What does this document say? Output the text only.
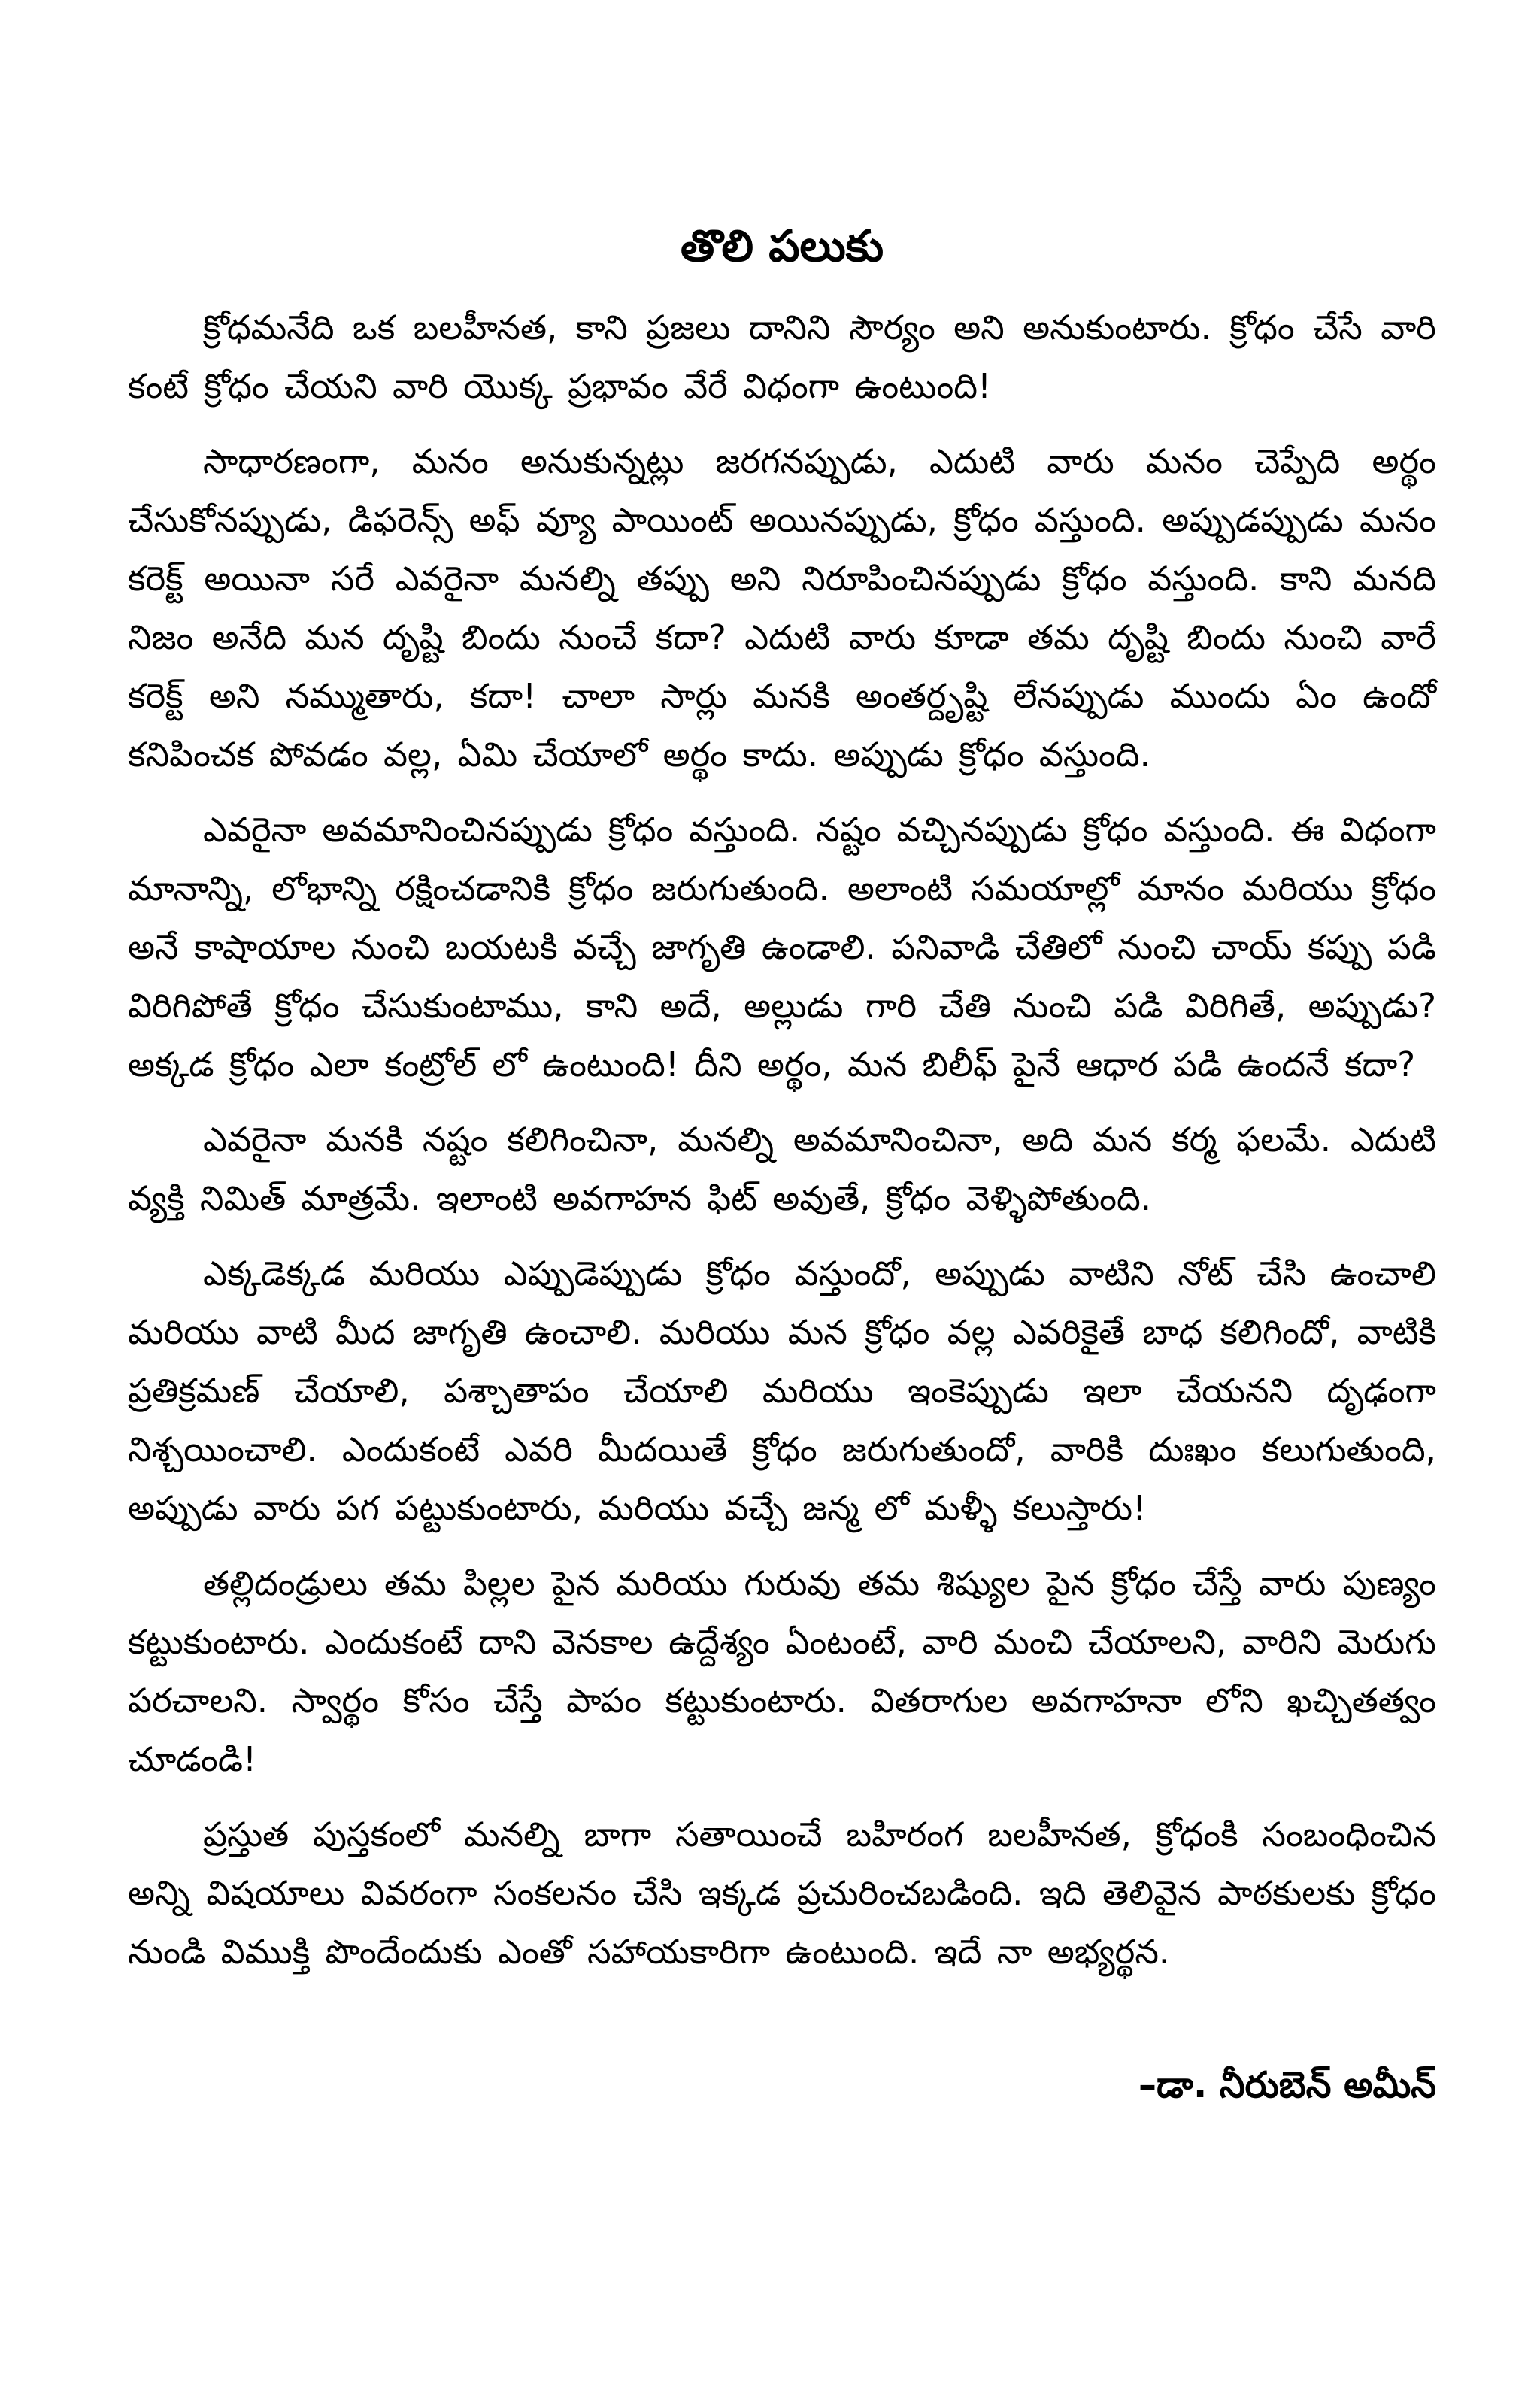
తొలి పలుకు

క్రోధమనేది ఒక బలహీనత, కాని ప్రజలు దానిని సౌర్యం అని అనుకుంటారు. క్రోధం చేసే వారి కంటే క్రోధం చేయని వారి యొక్క ప్రభావం వేరే విధంగా ఉంటుంది!

సాధారణంగా, మనం అనుకున్నట్లు జరగనప్పుడు, ఎదుటి వారు మనం చెప్పేది అర్థం చేసుకోనప్పుడు, డిఫరెన్స్ అఫ్ వ్యూ పాయింట్ అయినప్పుడు, క్రోధం వస్తుంది. అప్పుడప్పుడు మనం కరెక్ట్ అయినా సరే ఎవరైనా మనల్ని తప్పు అని నిరూపించినప్పుడు క్రోధం వస్తుంది. కాని మనది నిజం అనేది మన దృష్టి బిందు నుంచే కదా? ఎదుటి వారు కూడా తమ దృష్టి బిందు నుంచి వారే కరెక్ట్ అని నమ్ముతారు, కదా! చాలా సార్లు మనకి అంతర్దృష్టి లేనప్పుడు ముందు ఏం ఉందో కనిపించక పోవడం వల్ల, ఏమి చేయాలో అర్థం కాదు. అప్పుడు క్రోధం వస్తుంది.

ఎవరైనా అవమానించినప్పుడు క్రోధం వస్తుంది. నష్టం వచ్చినప్పుడు క్రోధం వస్తుంది. ఈ విధంగా మానాన్ని, లోభాన్ని రక్షించడానికి క్రోధం జరుగుతుంది. అలాంటి సమయాల్లో మానం మరియు క్రోధం అనే కాషాయాల నుంచి బయటకి వచ్చే జాగృతి ఉండాలి. పనివాడి చేతిలో నుంచి చాయ్ కప్పు పడి విరిగిపోతే క్రోధం చేసుకుంటాము, కాని అదే, అల్లుడు గారి చేతి నుంచి పడి విరిగితే, అప్పుడు? అక్కడ క్రోధం ఎలా కంట్రోల్ లో ఉంటుంది! దీని అర్థం, మన బిలీఫ్ పైనే ఆధార పడి ఉందనే కదా?

ఎవరైనా మనకి నష్టం కలిగించినా, మనల్ని అవమానించినా, అది మన కర్మ ఫలమే. ఎదుటి వ్యక్తి నిమిత్ మాత్రమే. ఇలాంటి అవగాహన ఫిట్ అవుతే, క్రోధం వెళ్ళిపోతుంది.

ఎక్కడెక్కడ మరియు ఎప్పుడెప్పుడు క్రోధం వస్తుందో, అప్పుడు వాటిని నోట్ చేసి ఉంచాలి మరియు వాటి మీద జాగృతి ఉంచాలి. మరియు మన క్రోధం వల్ల ఎవరికైతే బాధ కలిగిందో, వాటికి ప్రతిక్రమణ్ చేయాలి, పశ్చాతాపం చేయాలి మరియు ఇంకెప్పుడు ఇలా చేయనని దృఢంగా నిశ్చయించాలి. ఎందుకంటే ఎవరి మీదయితే క్రోధం జరుగుతుందో, వారికి దుఃఖం కలుగుతుంది, అప్పుడు వారు పగ పట్టుకుంటారు, మరియు వచ్చే జన్మ లో మళ్ళీ కలుస్తారు!

తల్లిదండ్రులు తమ పిల్లల పైన మరియు గురువు తమ శిష్యుల పైన క్రోధం చేస్తే వారు పుణ్యం కట్టుకుంటారు. ఎందుకంటే దాని వెనకాల ఉద్దేశ్యం ఏంటంటే, వారి మంచి చేయాలని, వారిని మెరుగు పరచాలని. స్వార్థం కోసం చేస్తే పాపం కట్టుకుంటారు. వితరాగుల అవగాహనా లోని ఖచ్చితత్వం చూడండి!

ప్రస్తుత పుస్తకంలో మనల్ని బాగా సతాయించే బహిరంగ బలహీనత, క్రోధంకి సంబంధించిన అన్ని విషయాలు వివరంగా సంకలనం చేసి ఇక్కడ ప్రచురించబడింది. ఇది తెలివైన పాఠకులకు క్రోధం నుండి విముక్తి పొందేందుకు ఎంతో సహాయకారిగా ఉంటుంది. ఇదే నా అభ్యర్థన.

–డా. నీరుబెన్ అమీన్
